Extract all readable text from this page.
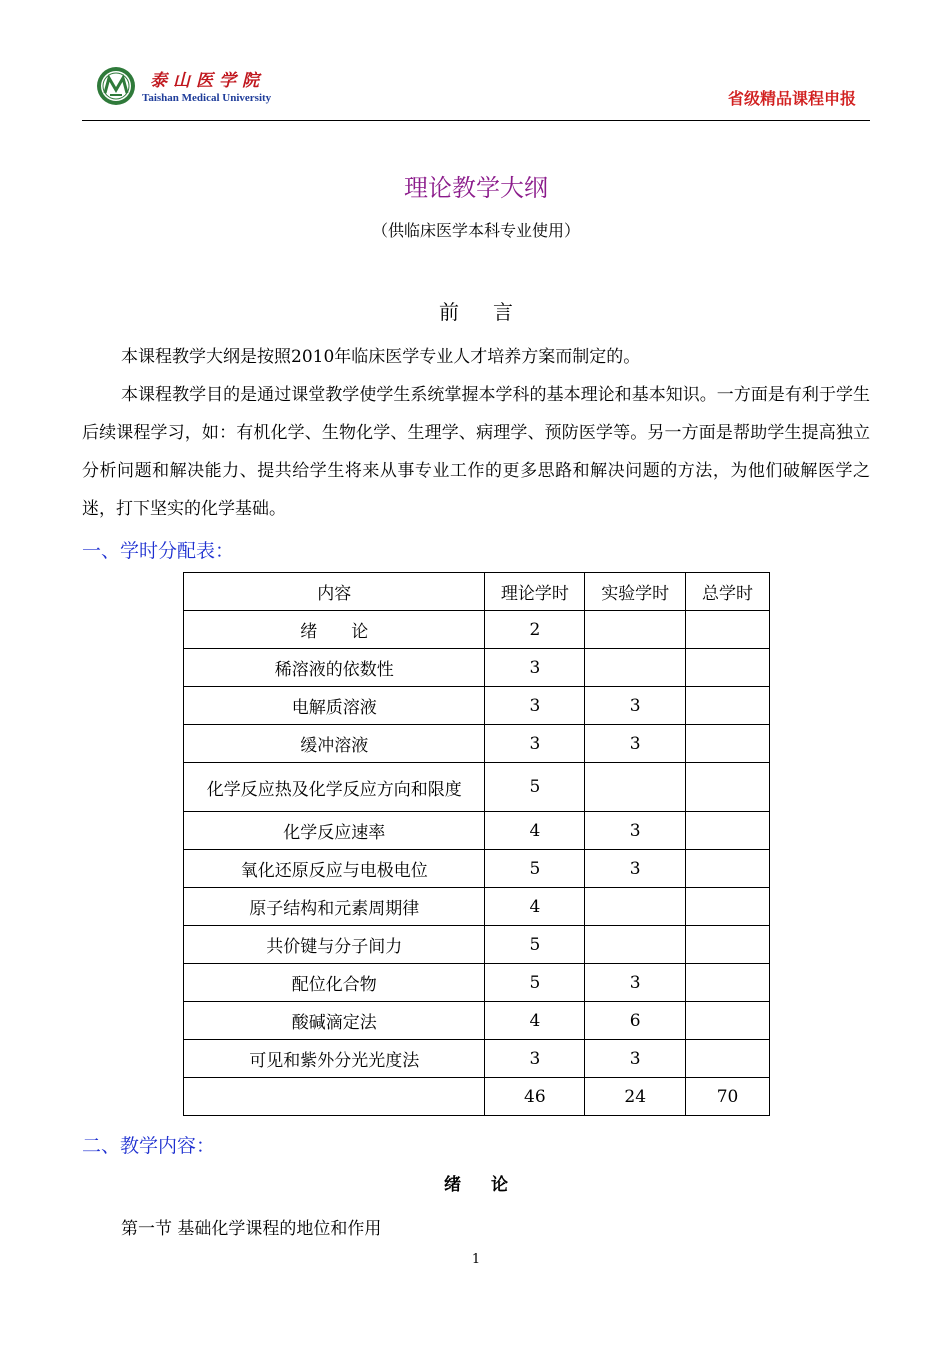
泰山医学院
Taishan Medical University	省级精品课程申报
理论教学大纲
（供临床医学本科专业使用）
前言

本课程教学大纲是按照2010年临床医学专业人才培养方案而制定的。

本课程教学目的是通过课堂教学使学生系统掌握本学科的基本理论和基本知识。一方面是有利于学生后续课程学习，如：有机化学、生物化学、生理学、病理学、预防医学等。另一方面是帮助学生提高独立分析问题和解决能力、提共给学生将来从事专业工作的更多思路和解决问题的方法，为他们破解医学之迷，打下坚实的化学基础。

一、学时分配表：
内容	理论学时	实验学时	总学时
绪　　论	2		
稀溶液的依数性	3		
电解质溶液	3	3	
缓冲溶液	3	3	
化学反应热及化学反应方向和限度	5		
化学反应速率	4	3	
氧化还原反应与电极电位	5	3	
原子结构和元素周期律	4		
共价键与分子间力	5		
配位化合物	5	3	
酸碱滴定法	4	6	
可见和紫外分光光度法	3	3	
	46	24	70
二、教学内容：
绪论
第一节 基础化学课程的地位和作用
1
